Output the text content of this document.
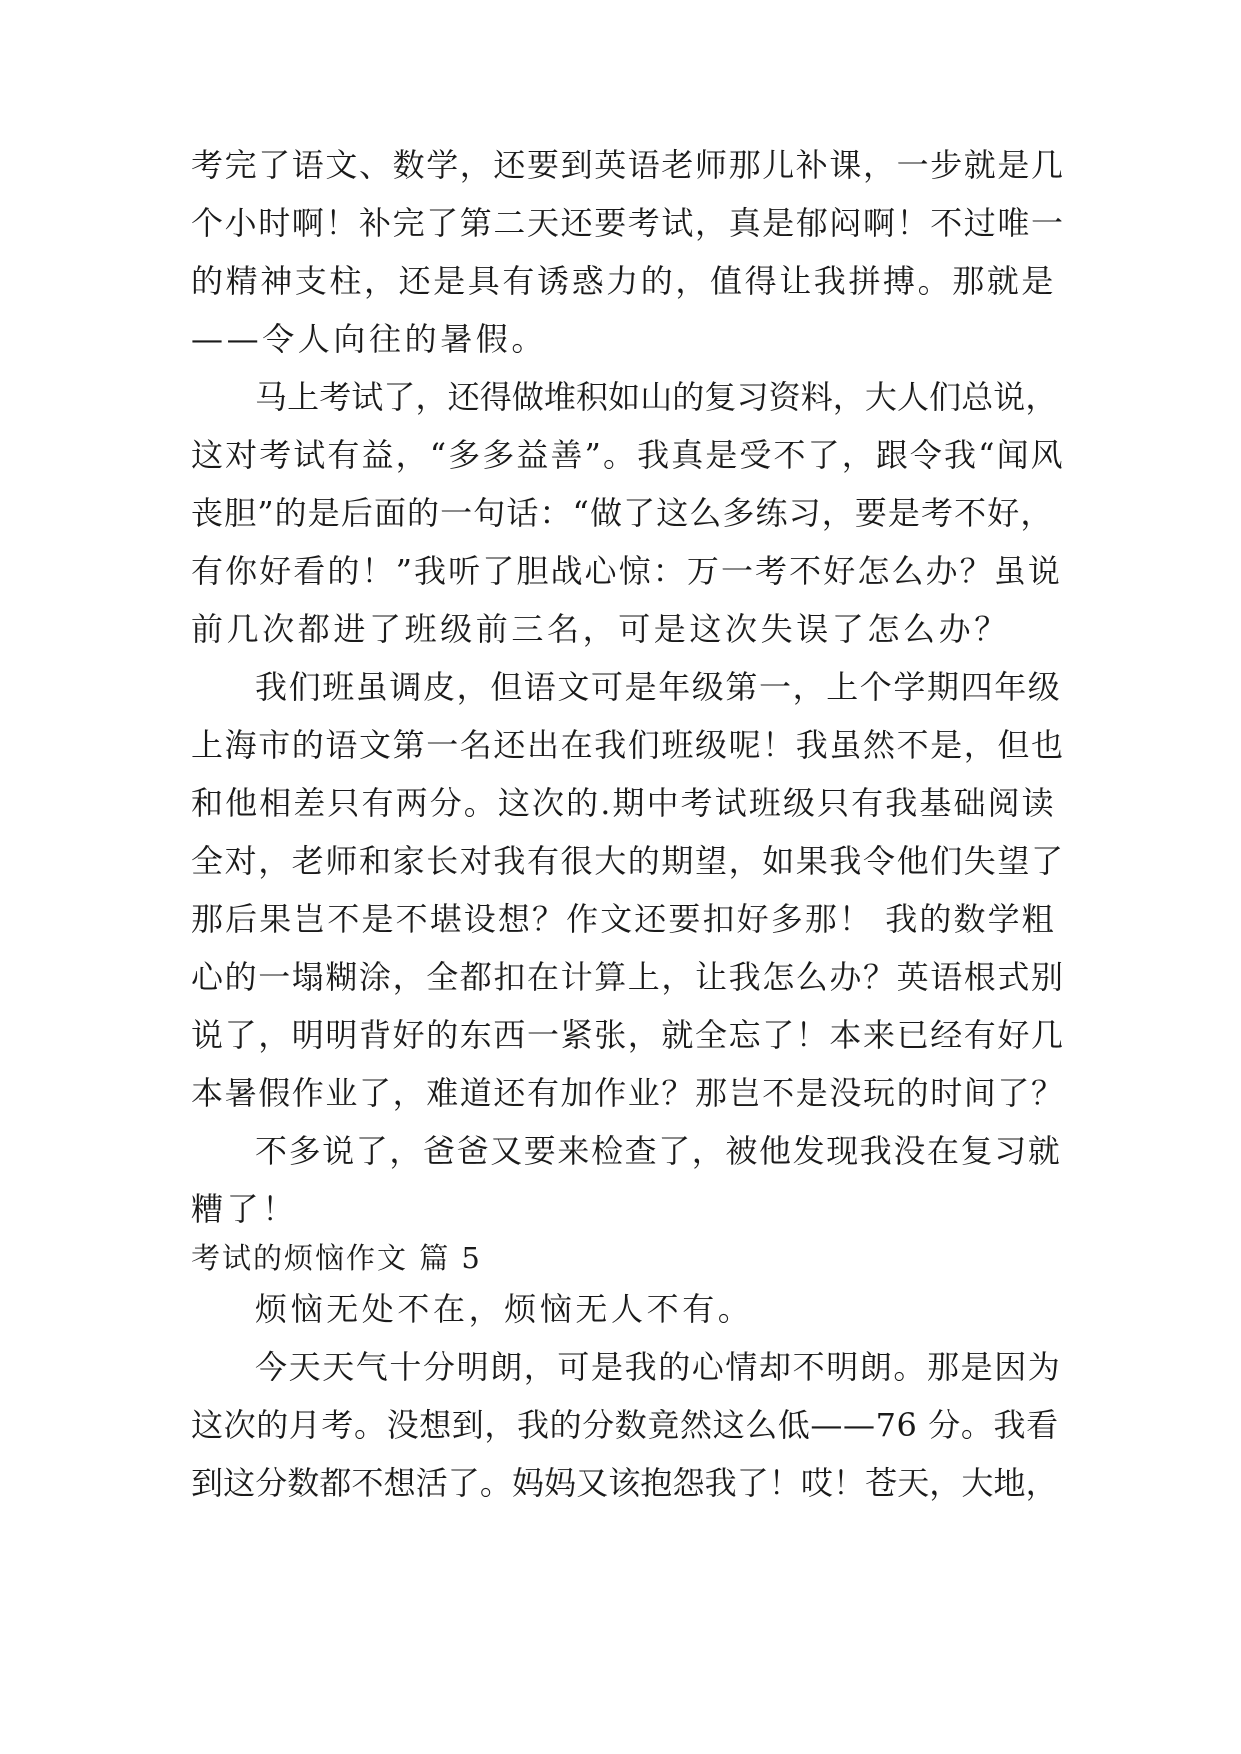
考完了语文、数学，还要到英语老师那儿补课，一步就是几
个小时啊！补完了第二天还要考试，真是郁闷啊！不过唯一
的精神支柱，还是具有诱惑力的，值得让我拼搏。那就是
——令人向往的暑假。
马上考试了，还得做堆积如山的复习资料，大人们总说，
这对考试有益，“多多益善”。我真是受不了，跟令我“闻风
丧胆”的是后面的一句话：“做了这么多练习，要是考不好，
有你好看的！”我听了胆战心惊：万一考不好怎么办？虽说
前几次都进了班级前三名，可是这次失误了怎么办？
我们班虽调皮，但语文可是年级第一，上个学期四年级
上海市的语文第一名还出在我们班级呢！我虽然不是，但也
和他相差只有两分。这次的.期中考试班级只有我基础阅读
全对，老师和家长对我有很大的期望，如果我令他们失望了
那后果岂不是不堪设想？作文还要扣好多那！ 我的数学粗
心的一塌糊涂，全都扣在计算上，让我怎么办？英语根式别
说了，明明背好的东西一紧张，就全忘了！本来已经有好几
本暑假作业了，难道还有加作业？那岂不是没玩的时间了？
不多说了，爸爸又要来检查了，被他发现我没在复习就
糟了！
考试的烦恼作文 篇 5
烦恼无处不在，烦恼无人不有。
今天天气十分明朗，可是我的心情却不明朗。那是因为
这次的月考。没想到，我的分数竟然这么低——76 分。我看
到这分数都不想活了。妈妈又该抱怨我了！哎！苍天，大地，
